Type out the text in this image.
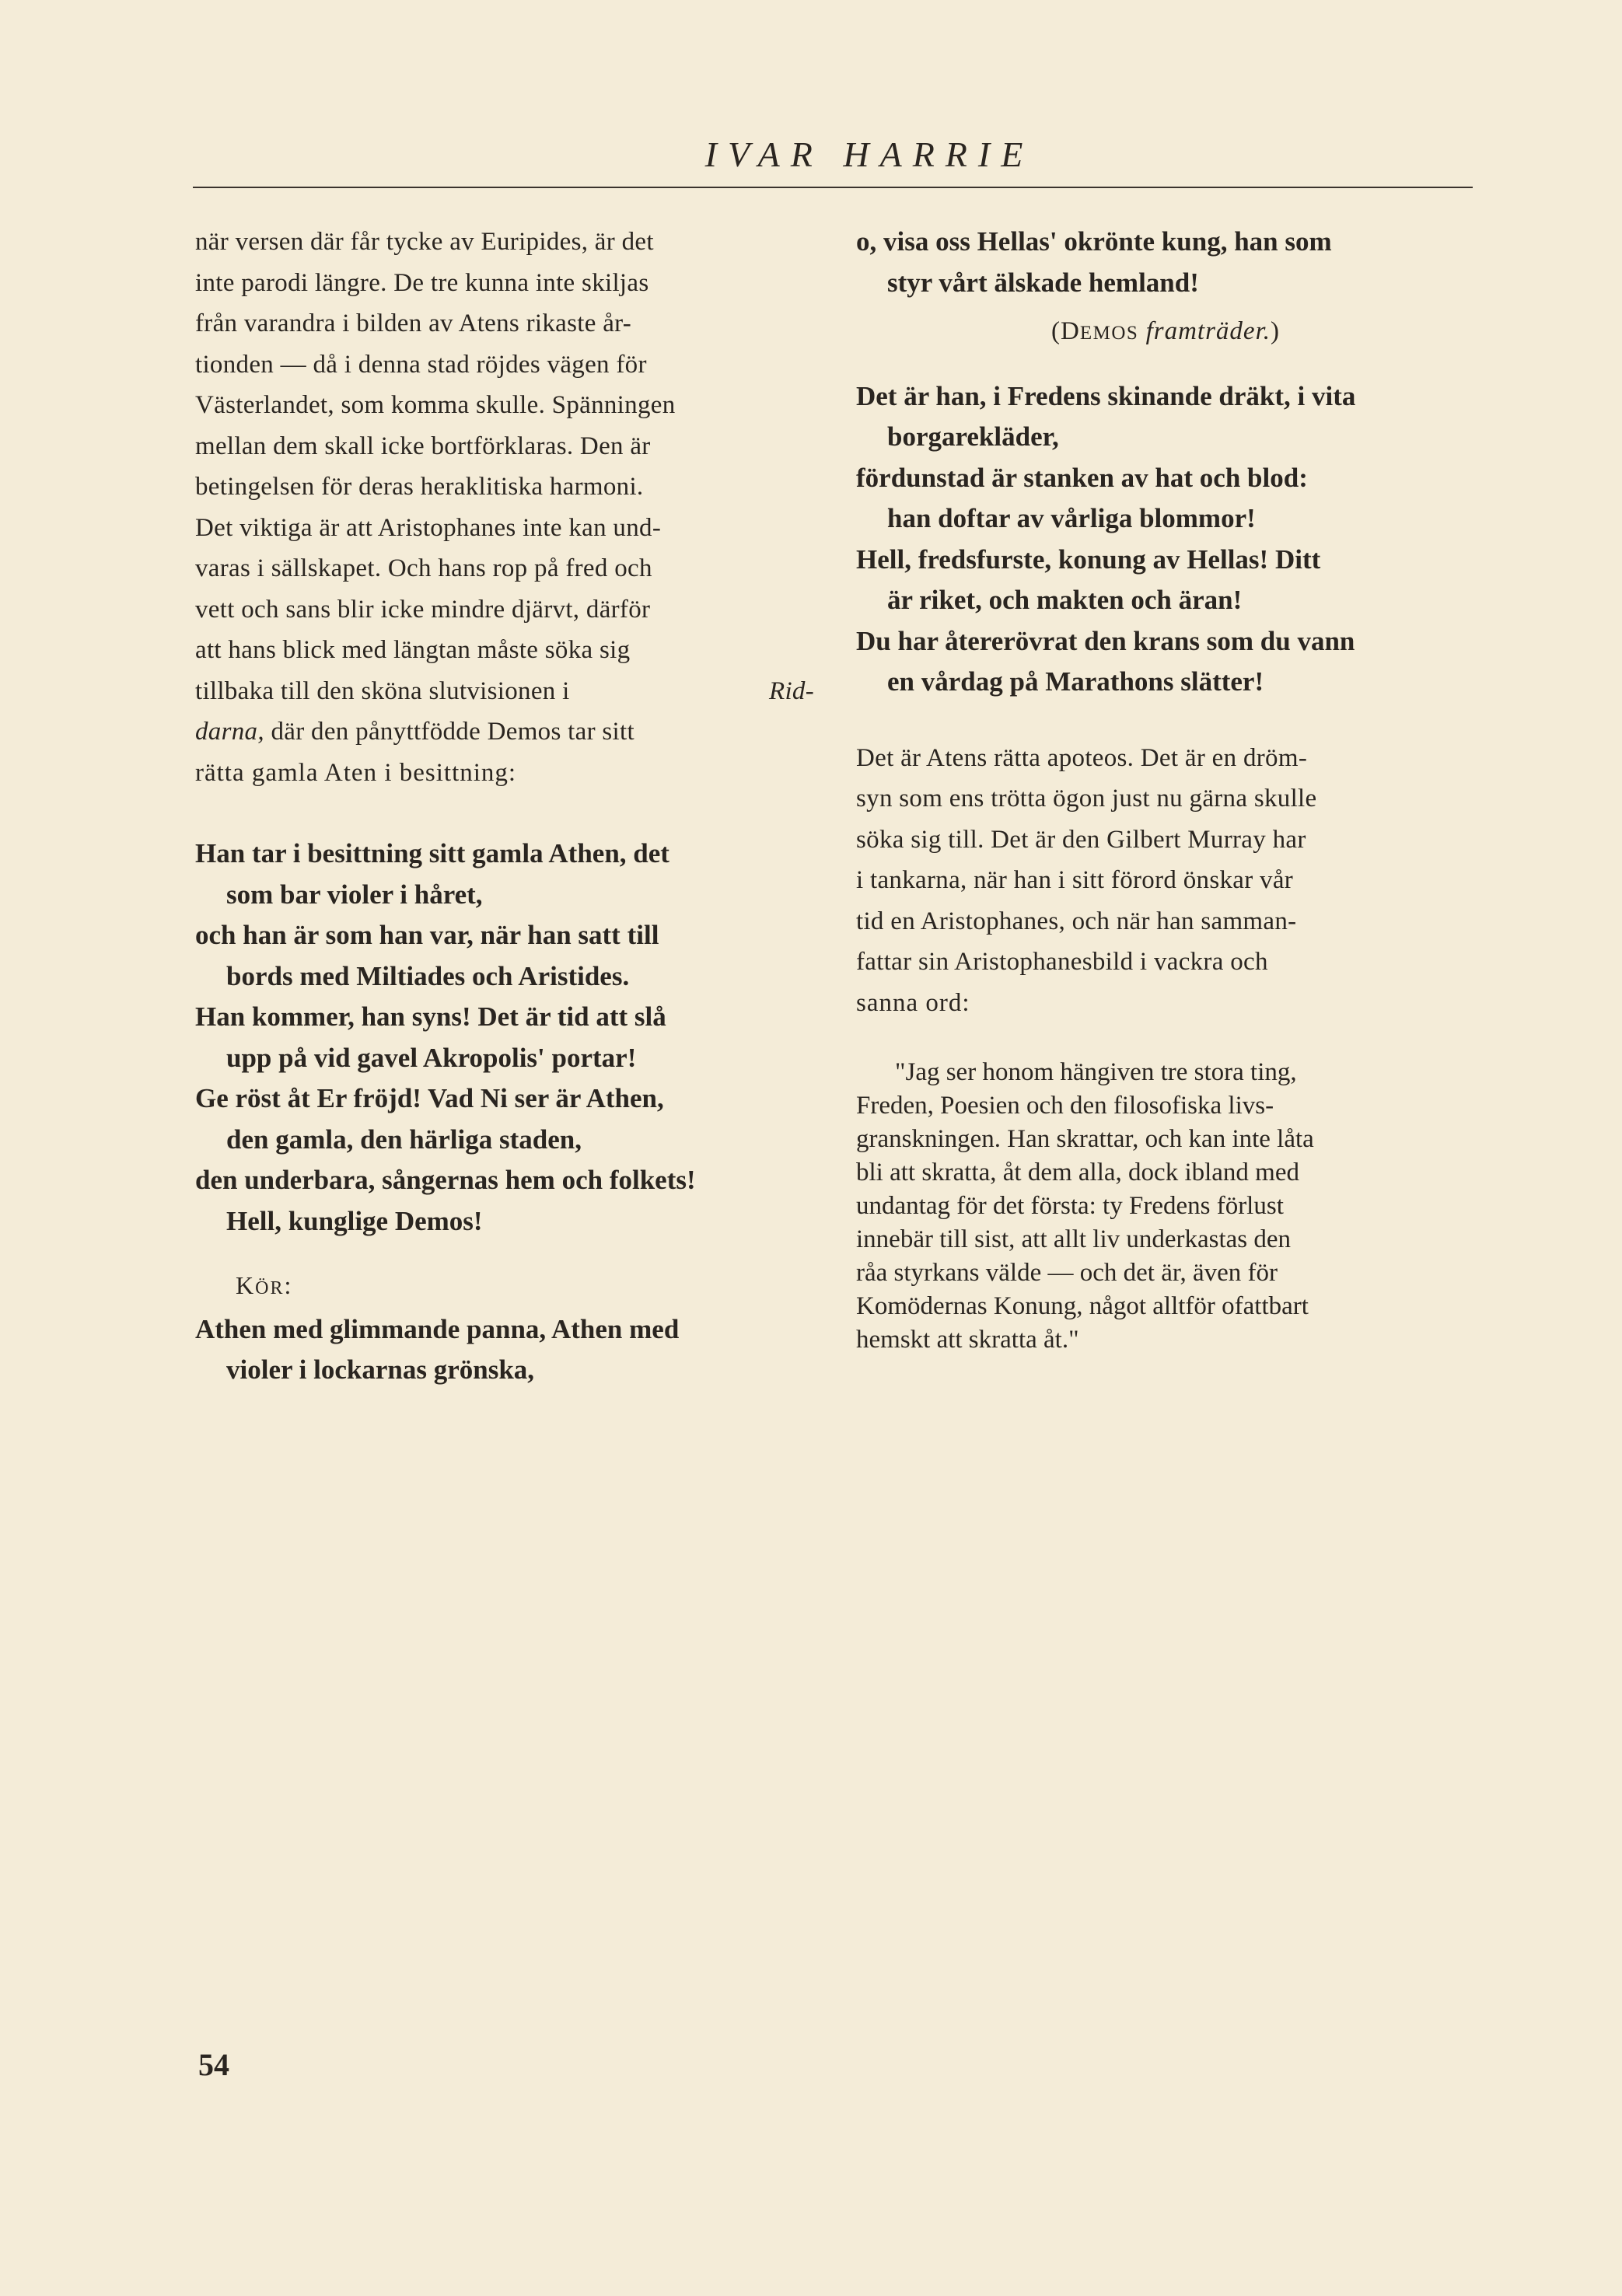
IVAR HARRIE

när versen där får tycke av Euripides, är det

inte parodi längre. De tre kunna inte skiljas

från varandra i bilden av Atens rikaste år-

tionden — då i denna stad röjdes vägen för

Västerlandet, som komma skulle. Spänningen

mellan dem skall icke bortförklaras. Den är

betingelsen för deras heraklitiska harmoni.

Det viktiga är att Aristophanes inte kan und-

varas i sällskapet. Och hans rop på fred och

vett och sans blir icke mindre djärvt, därför

att hans blick med längtan måste söka sig

tillbaka till den sköna slutvisionen i	Rid-

darna, där den pånyttfödde Demos tar sitt

rätta gamla Aten i besittning:

Han tar i besittning sitt gamla Athen, det
som bar violer i håret,
och han är som han var, när han satt till
bords med Miltiades och Aristides.
Han kommer, han syns! Det är tid att slå
upp på vid gavel Akropolis' portar!
Ge röst åt Er fröjd! Vad Ni ser är Athen,
den gamla, den härliga staden,
den underbara, sångernas hem och folkets!
Hell, kunglige Demos!
KÖR:
Athen med glimmande panna, Athen med
violer i lockarnas grönska,
o, visa oss Hellas' okrönte kung, han som
styr vårt älskade hemland!
(DEMOS framträder.)
Det är han, i Fredens skinande dräkt, i vita
borgarekläder,
fördunstad är stanken av hat och blod:
han doftar av vårliga blommor!
Hell, fredsfurste, konung av Hellas! Ditt
är riket, och makten och äran!
Du har återerövrat den krans som du vann
en vårdag på Marathons slätter!

Det är Atens rätta apoteos. Det är en dröm-

syn som ens trötta ögon just nu gärna skulle

söka sig till. Det är den Gilbert Murray har

i tankarna, när han i sitt förord önskar vår

tid en Aristophanes, och när han samman-

fattar sin Aristophanesbild i vackra och

sanna ord:

"Jag ser honom hängiven tre stora ting,

Freden, Poesien och den filosofiska livs-

granskningen. Han skrattar, och kan inte låta

bli att skratta, åt dem alla, dock ibland med

undantag för det första: ty Fredens förlust

innebär till sist, att allt liv underkastas den

råa styrkans välde — och det är, även för

Komödernas Konung, något alltför ofattbart

hemskt att skratta åt."

54
